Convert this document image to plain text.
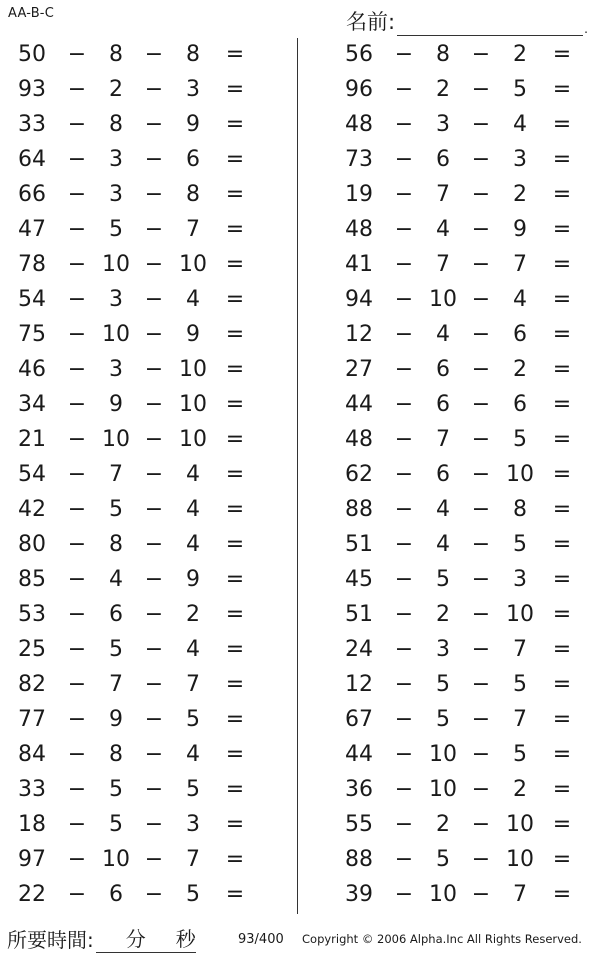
AA-B-C	名前:	.
50 −	8 −	8	=
93 −	2 −	3	=
33 −	8 −	9	=
64 −	3 −	6	=
66 −	3 −	8	=
47 −	5 −	7	=
78 − 10 − 10 =
54 −	3 −	4	=
75 − 10 −	9	=
46 −	3 − 10 =
34 −	9 − 10 =
21 − 10 − 10 =
54 −	7 −	4	=
42 −	5 −	4	=
80 −	8 −	4	=
85 −	4 −	9	=
53 −	6 −	2	=
25 −	5 −	4	=
82 −	7 −	7	=
77 −	9 −	5	=
84 −	8 −	4	=
33 −	5 −	5	=
18 −	5 −	3	=
97 − 10 −	7	=
22 −	6 −	5	=
56 −	8 −	2	=
96 −	2 −	5	=
48 −	3 −	4	=
73 −	6 −	3	=
19 −	7 −	2	=
48 −	4 −	9	=
41 −	7 −	7	=
94 − 10 −	4	=
12 −	4 −	6	=
27 −	6 −	2	=
44 −	6 −	6	=
48 −	7 −	5	=
62 −	6 − 10 =
88 −	4 −	8	=
51 −	4 −	5	=
45 −	5 −	3	=
51 −	2 − 10 =
24 −	3 −	7	=
12 −	5 −	5	=
67 −	5 −	7	=
44 − 10 −	5	=
36 − 10 −	2	=
55 −	2 − 10 =
88 −	5 − 10 =
39 − 10 −	7	=
所要時間: 分 秒	93/400 Copyright © 2006 Alpha.Inc All Rights Reserved.
